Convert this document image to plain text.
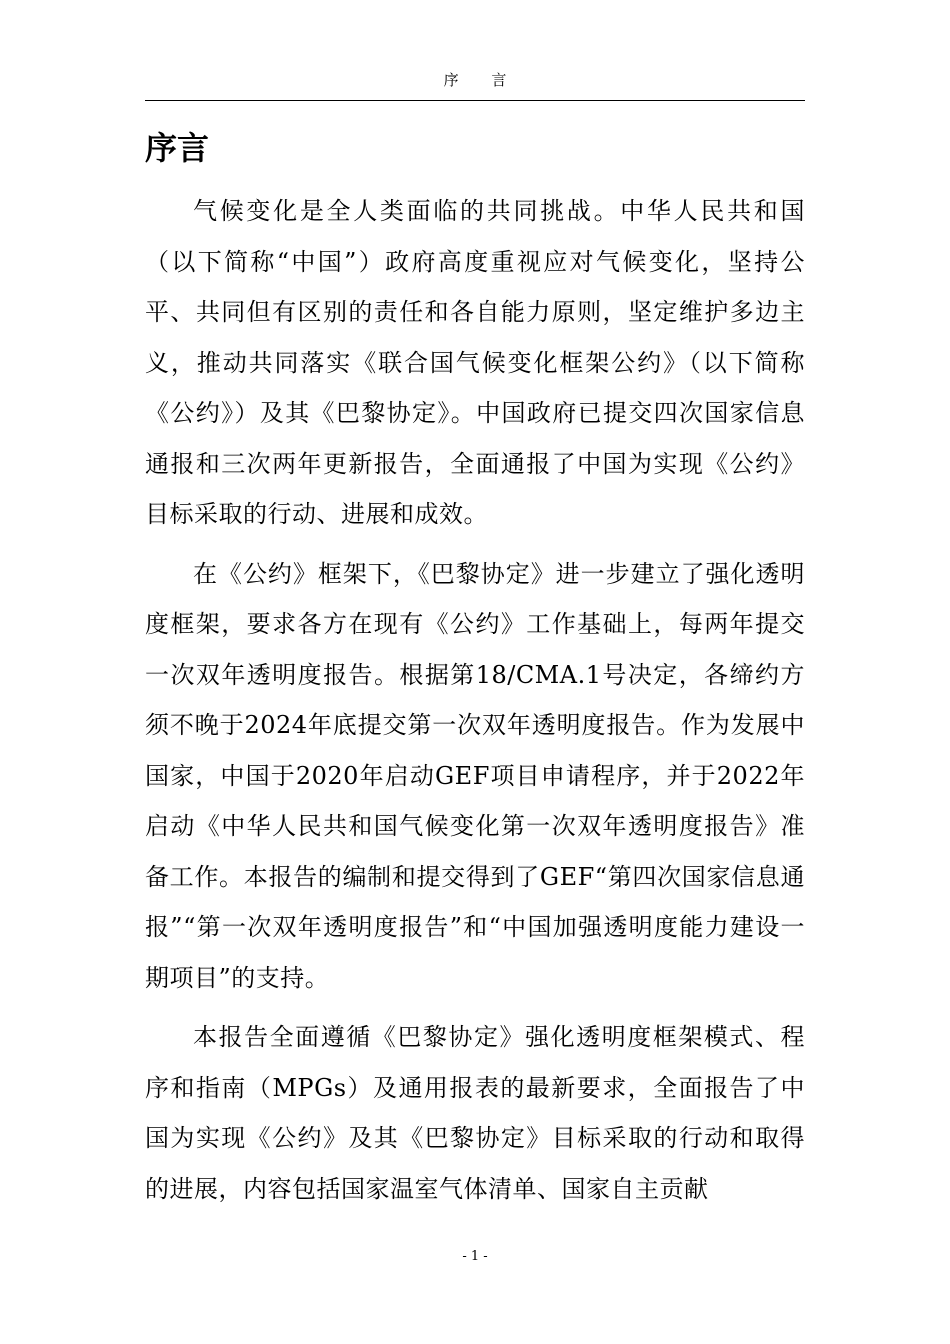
序 言
序言

气候变化是全人类面临的共同挑战。中华人民共和国（以下简称“中国”）政府高度重视应对气候变化，坚持公平、共同但有区别的责任和各自能力原则，坚定维护多边主义，推动共同落实《联合国气候变化框架公约》（以下简称《公约》）及其《巴黎协定》。中国政府已提交四次国家信息通报和三次两年更新报告，全面通报了中国为实现《公约》目标采取的行动、进展和成效。

在《公约》框架下，《巴黎协定》进一步建立了强化透明度框架，要求各方在现有《公约》工作基础上，每两年提交一次双年透明度报告。根据第18/CMA.1号决定，各缔约方须不晚于2024年底提交第一次双年透明度报告。作为发展中国家，中国于2020年启动GEF项目申请程序，并于2022年启动《中华人民共和国气候变化第一次双年透明度报告》准备工作。本报告的编制和提交得到了GEF“第四次国家信息通报”“第一次双年透明度报告”和“中国加强透明度能力建设一期项目”的支持。

本报告全面遵循《巴黎协定》强化透明度框架模式、程序和指南（MPGs）及通用报表的最新要求，全面报告了中国为实现《公约》及其《巴黎协定》目标采取的行动和取得的进展，内容包括国家温室气体清单、国家自主贡献

- 1 -
